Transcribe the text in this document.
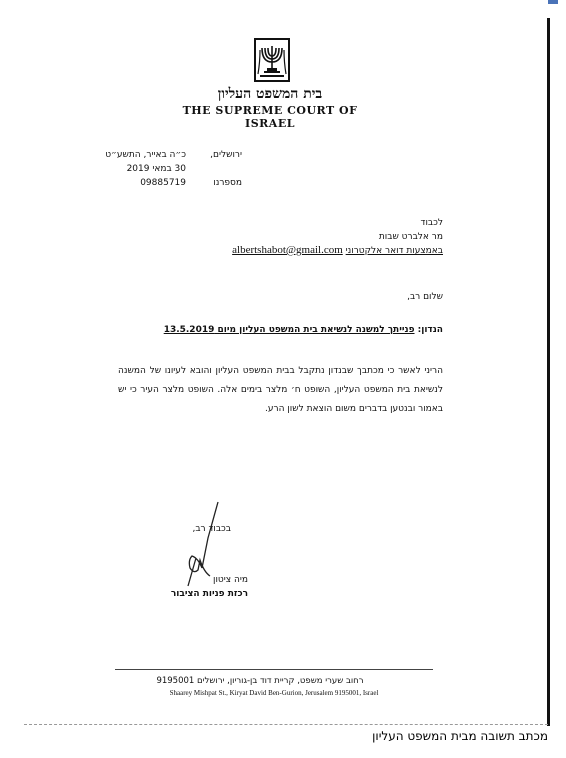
בית המשפט העליון
THE SUPREME COURT OF ISRAEL
ירושלים,
כ״ה באייר, התשע״ט
30 במאי 2019
מספרנו
09885719
לכבוד
מר אלברט שבות
באמצעות דואר אלקטרוני albertshabot@gmail.com
שלום רב,
הנדון: פנייתך למשנה לנשיאת בית המשפט העליון מיום 13.5.2019
הריני לאשר כי מכתבך שבנדון נתקבל בבית המשפט העליון והובא לעיונו של המשנה לנשיאת בית המשפט העליון, השופט ח׳ מלצר בימים אלה. השופט מלצר העיר כי יש באמור ובנטען בדברים משום הוצאת לשון הרע.
בכבוד רב,
מיה ציטון
רכזת פניות הציבור
רחוב שערי משפט, קריית דוד בן-גוריון, ירושלים 9195001
Shaarey Mishpat St., Kiryat David Ben-Gurion, Jerusalem 9195001, Israel
מכתב תשובה מבית המשפט העליון
